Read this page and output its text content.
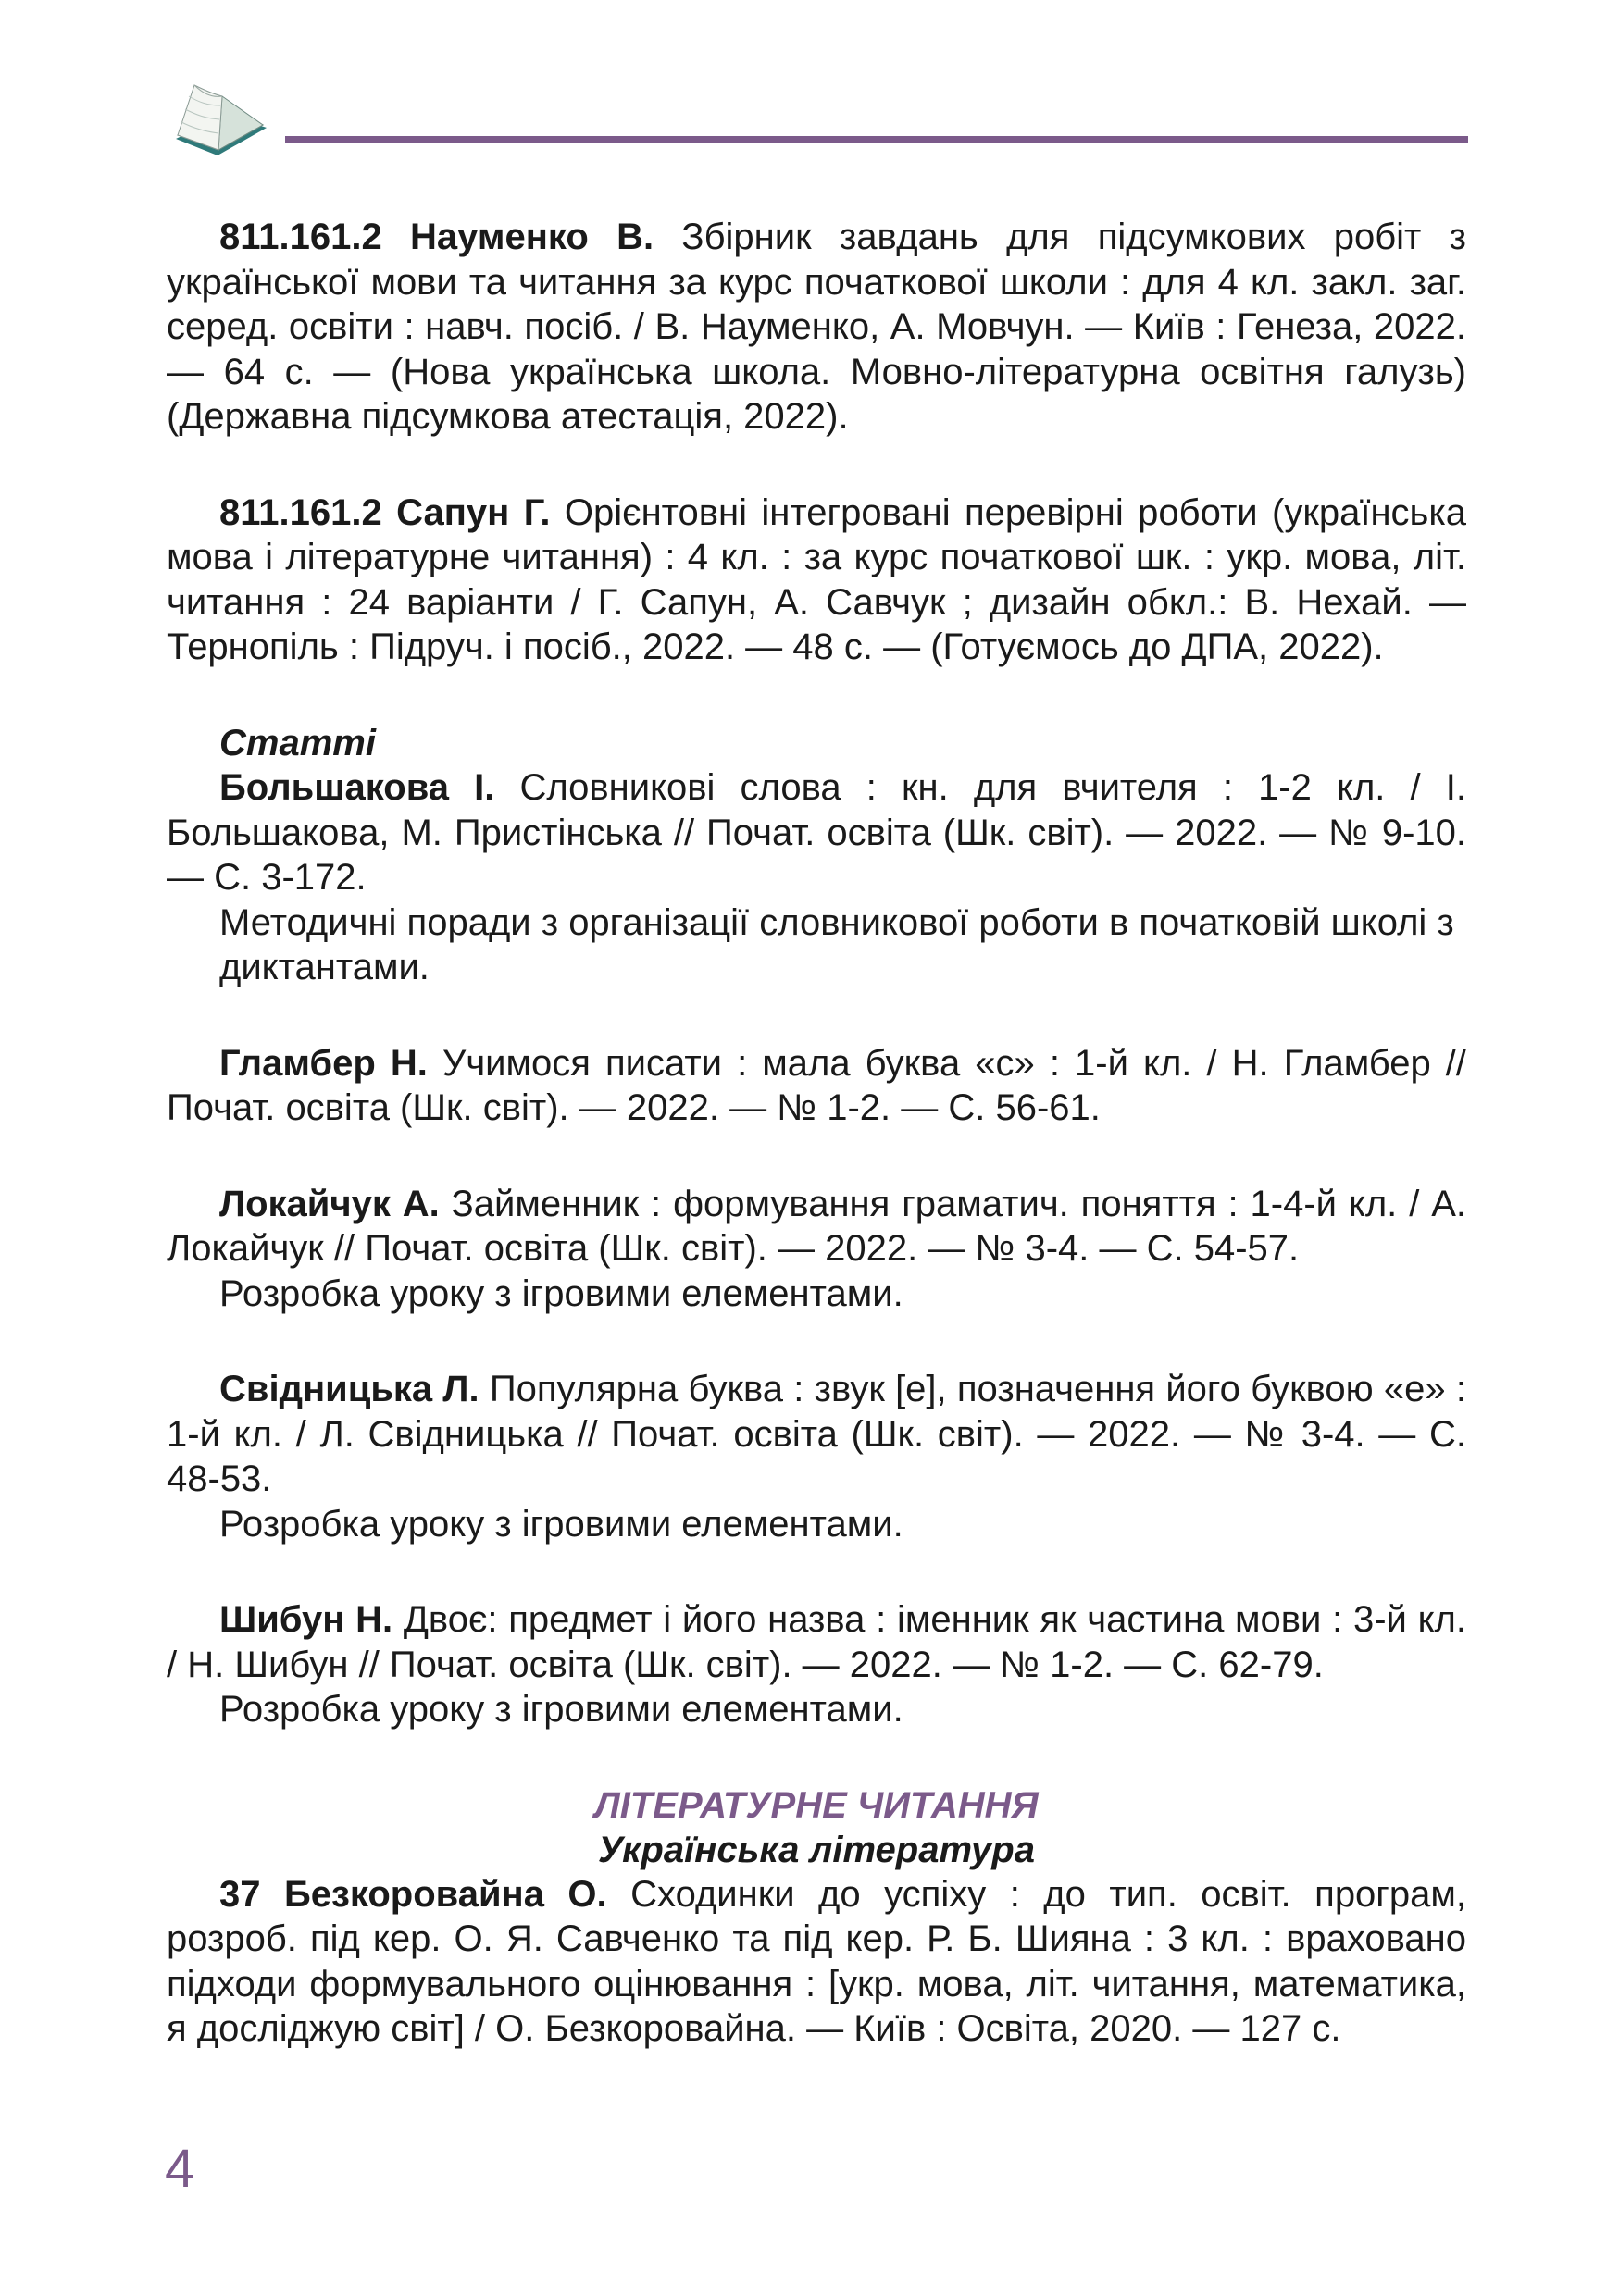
811.161.2 Науменко В. Збірник завдань для підсумкових робіт з української мови та читання за курс початкової школи : для 4 кл. закл. заг. серед. освіти : навч. посіб. / В. Науменко, А. Мовчун. — Київ : Генеза, 2022. — 64 с. — (Нова українська школа. Мовно-літературна освітня галузь) (Державна підсумкова атестація, 2022).

811.161.2 Сапун Г. Орієнтовні інтегровані перевірні роботи (українська мова і літературне читання) : 4 кл. : за курс початкової шк. : укр. мова, літ. читання : 24 варіанти / Г. Сапун, А. Савчук ; дизайн обкл.: В. Нехай. — Тернопіль : Підруч. і посіб., 2022. — 48 с. — (Готуємось до ДПА, 2022).

Статті

Большакова І. Словникові слова : кн. для вчителя : 1-2 кл. / І. Большакова, М. Пристінська // Почат. освіта (Шк. світ). — 2022. — № 9-10. — С. 3-172.

Методичні поради з організації словникової роботи в початковій школі з диктантами.

Гламбер Н. Учимося писати : мала буква «с» : 1-й кл. / Н. Гламбер // Почат. освіта (Шк. світ). — 2022. — № 1-2. — С. 56-61.

Локайчук А. Займенник : формування граматич. поняття : 1-4-й кл. / А. Локайчук // Почат. освіта (Шк. світ). — 2022. — № 3-4. — С. 54-57.

Розробка уроку з ігровими елементами.

Свідницька Л. Популярна буква : звук [е], позначення його буквою «е» : 1-й кл. / Л. Свідницька // Почат. освіта (Шк. світ). — 2022. — № 3-4. — С. 48-53.

Розробка уроку з ігровими елементами.

Шибун Н. Двоє: предмет і його назва : іменник як частина мови : 3-й кл. / Н. Шибун // Почат. освіта (Шк. світ). — 2022. — № 1-2. — С. 62-79.

Розробка уроку з ігровими елементами.

ЛІТЕРАТУРНЕ ЧИТАННЯ
Українська література

37 Безкоровайна О. Сходинки до успіху : до тип. освіт. програм, розроб. під кер. О. Я. Савченко та під кер. Р. Б. Шияна : 3 кл. : враховано підходи формувального оцінювання : [укр. мова, літ. читання, математика, я досліджую світ] / О. Безкоровайна. — Київ : Освіта, 2020. — 127 с.

4
